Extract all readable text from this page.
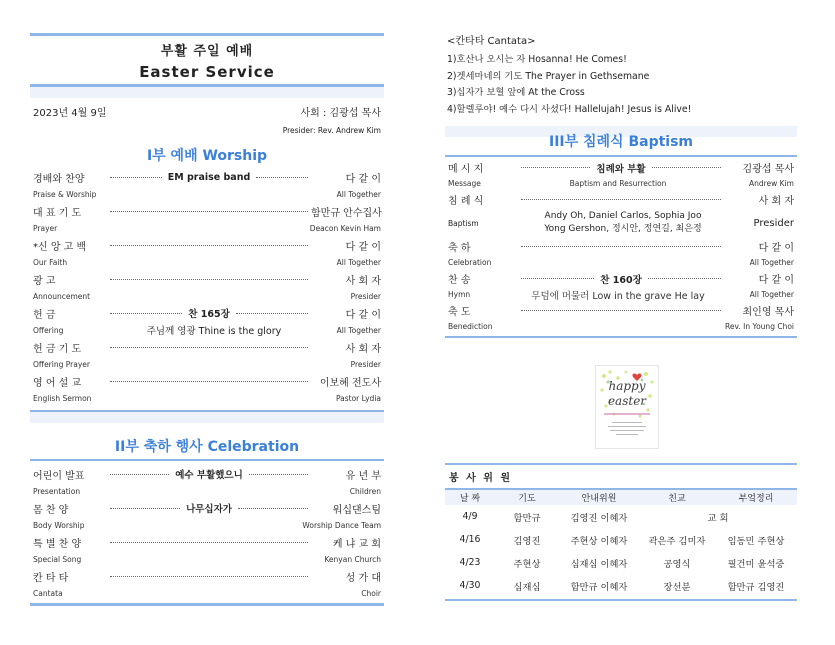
부활 주일 예배
Easter Service
2023년 4월 9일	사회 : 김광섭 목사
Presider: Rev. Andrew Kim
I부 예배 Worship
경배와 찬양	EM praise band	다 같 이
Praise & Worship	All Together
대 표 기 도	함만규 안수집사
Prayer	Deacon Kevin Ham
*신 앙 고 백	다 같 이
Our Faith	All Together
광 고	사 회 자
Announcement	Presider
헌 금	찬 165장	다 같 이
Offering	주님께 영광 Thine is the glory	All Together
헌 금 기 도	사 회 자
Offering Prayer	Presider
영 어 설 교	이보혜 전도사
English Sermon	Pastor Lydia
II부 축하 행사 Celebration
어린이 발표	예수 부활했으니	유 년 부
Presentation	Children
몸 찬 양	나무십자가	워십댄스팀
Body Worship	Worship Dance Team
특 별 찬 양	케 냐 교 회
Special Song	Kenyan Church
칸 타 타	성 가 대
Cantata	Choir
<칸타타 Cantata>
1)호산나 오시는 자 Hosanna! He Comes!
2)겟세마네의 기도 The Prayer in Gethsemane
3)십자가 보혈 앞에 At the Cross
4)할렐루야! 예수 다시 사셨다! Hallelujah! Jesus is Alive!
III부 침례식 Baptism
메 시 지	침례와 부활	김광섭 목사
Message	Baptism and Resurrection	Andrew Kim
침 례 식	사 회 자
Baptism
Andy Oh, Daniel Carlos, Sophia Joo
Yong Gershon, 정시안, 정연길, 최은정
Presider
축 하	다 같 이
Celebration	All Together
찬 송	찬 160장	다 같 이
Hymn	무덤에 머물러 Low in the grave He lay	All Together
축 도	최인영 목사
Benediction	Rev. In Young Choi
happy
easter
봉 사 위 원
날 짜	기도	안내위원	친교	부엌정리
4/9	함만규	김영진 이혜자	교 회
4/16	김영진	주현상 이혜자	곽은주 김미자	임동민 주현상
4/23	주현상	심재심 이혜자	공영식	필건미 윤석중
4/30	심재심	함만규 이혜자	장선분	함만규 김영진
